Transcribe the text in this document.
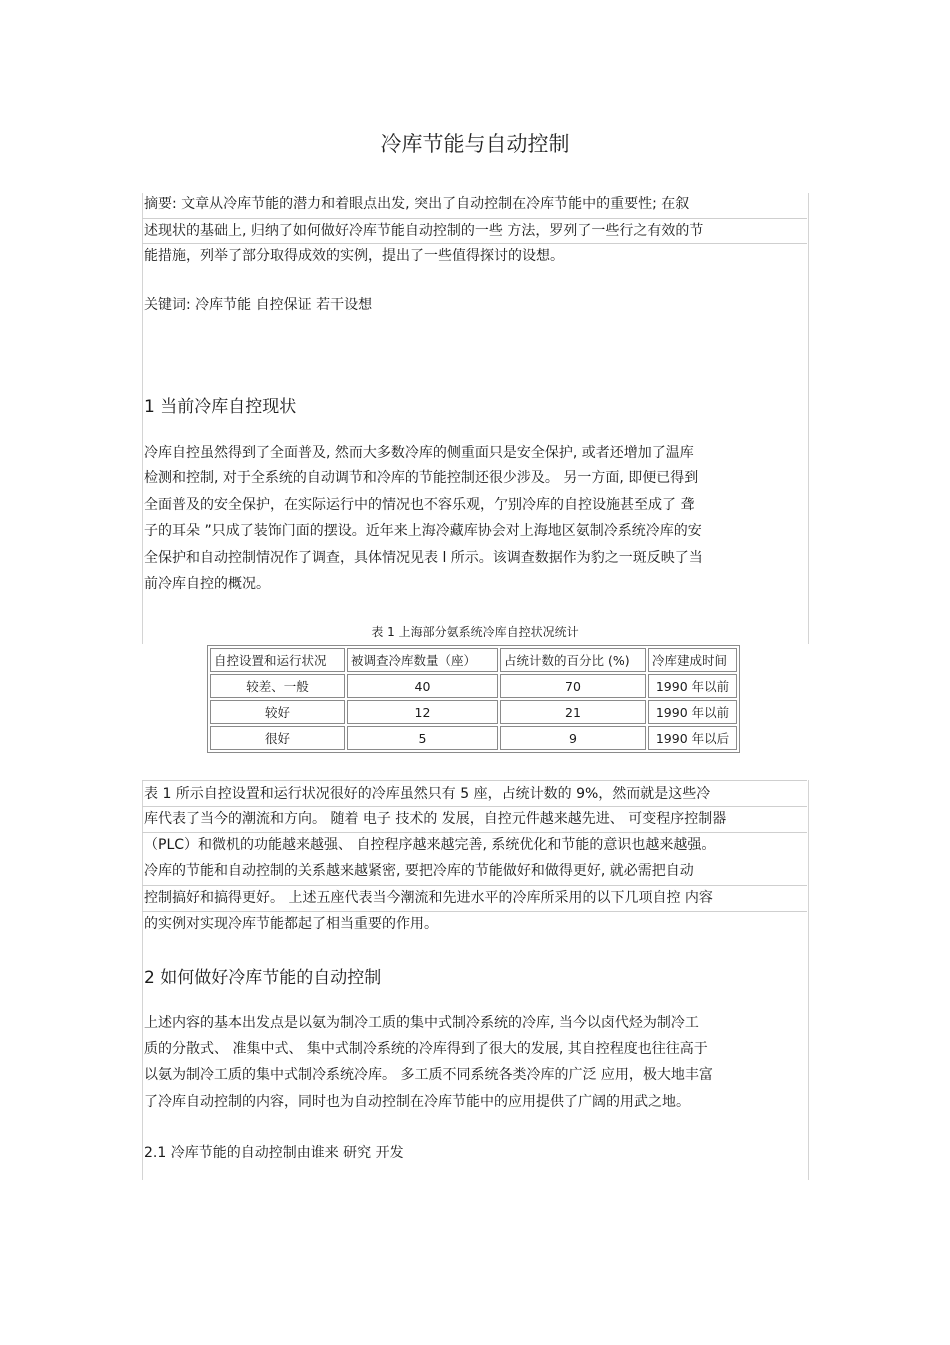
冷库节能与自动控制
摘要: 文章从冷库节能的潜力和着眼点出发, 突出了自动控制在冷库节能中的重要性; 在叙
述现状的基础上, 归纳了如何做好冷库节能自动控制的一些 方法，罗列了一些行之有效的节
能措施，列举了部分取得成效的实例，提出了一些值得探讨的设想。
关键词: 冷库节能 自控保证 若干设想
1 当前冷库自控现状
冷库自控虽然得到了全面普及, 然而大多数冷库的侧重面只是安全保护, 或者还增加了温库
检测和控制, 对于全系统的自动调节和冷库的节能控制还很少涉及。 另一方面, 即便已得到
全面普及的安全保护，在实际运行中的情况也不容乐观，亇别冷库的自控设施甚至成了 聋
子的耳朵 ”只成了装饰门面的摆设。近年来上海冷藏库协会对上海地区氨制冷系统冷库的安
全保护和自动控制情况作了调查，具体情况见表 l 所示。该调查数据作为豹之一斑反映了当
前冷库自控的概况。
表 1 上海部分氨系统冷库自控状况统计
自控设置和运行状况	被调查冷库数量（座）	占统计数的百分比 (%)	冷库建成时间
较差、一般	40	70	1990 年以前
较好	12	21	1990 年以前
很好	5	9	1990 年以后
表 1 所示自控设置和运行状况很好的冷库虽然只有 5 座，占统计数的 9%，然而就是这些冷
库代表了当今的潮流和方向。 随着 电子 技术的 发展，自控元件越来越先进、 可变程序控制器
（PLC）和微机的功能越来越强、 自控程序越来越完善, 系统优化和节能的意识也越来越强。
冷库的节能和自动控制的关系越来越紧密, 要把冷库的节能做好和做得更好, 就必需把自动
控制搞好和搞得更好。 上述五座代表当今潮流和先进水平的冷库所采用的以下几项自控 内容
的实例对实现冷库节能都起了相当重要的作用。
2 如何做好冷库节能的自动控制
上述内容的基本出发点是以氨为制冷工质的集中式制冷系统的冷库, 当今以卤代烃为制冷工
质的分散式、 准集中式、 集中式制冷系统的冷库得到了很大的发展, 其自控程度也往往高于
以氨为制冷工质的集中式制冷系统冷库。 多工质不同系统各类冷库的广泛 应用，极大地丰富
了冷库自动控制的内容，同时也为自动控制在冷库节能中的应用提供了广阔的用武之地。
2.1 冷库节能的自动控制由谁来 研究 开发
